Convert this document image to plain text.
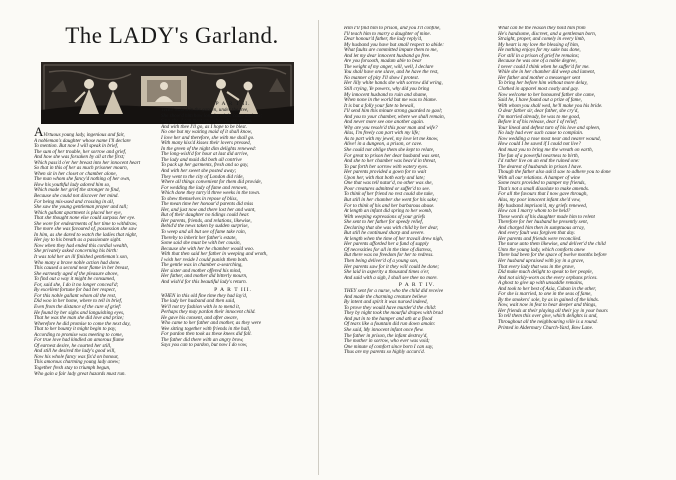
The LADY's Garland.

AVirtuous young lady, ingenious and fair,

A nobleman's daughter whose name I'll declare

To mention. But now I will speak in brief,

The sum of her trouble, her sorrow and grief,

And how she was forsaken by all at the first;

Which pass'd o'er her breast into her innocent heart

So that in this of her as much prisoner mourn,

When sit in her closet or chamber alone,

The man whom she fancy'd nothing of her own,

How his youthful lady adored him so,

Which made her grief the stronger to find,

Because she could not discover her mind.

For being mis-used and crossing in all,

She saw the young gentleman proper and tall;

Which gallant apartment is placed her eye,

That she thought none else could surpass her eye.

She wore for endearments of her time to withdraw,

The more she was favoured of, possession she saw

In him, as she dared to watch the ladies that night,

Her joy to his breath as a passionate sight.

Now when they had ended this cordial wealth,

She privately asked concerning his birth:

It was told her an ill finished gentleman's son,

Who many a brave noble action had done.

This caused a second near flame in her breast,

She earnestly aged of the pleasure above,

To find out a way it might be consumed,

For, said she, I do it no longer conceal'd;

By excellent fortune for bad her respect,

For this noble gallant whom all the rest,

Did woo in her home, where to tell in brief,

Even from the distance of the cure of grief:

He found by her sighs and languishing eyes,

That he was the man she did love and prize;

Wherefore he did promise to come the next day,

That to her bounty it might begin to pay,

According to promise was meeting to come,

For true love had kindled an amorous flame

Of earnest desire, he courted her still,

And still he desired the lady's good will,

Now his whole fancy was fix'd on honour,

This amorous charming young lady anew;

Together fresh stay to triumph begun,

Who gain a fair lady great hazards must run.

P A R T II.

THEY walk'd in the garden, under the tree,

She show'd him how long he might come and see;

Says she, I can meet you when all are at rest,

And with thee I'll go, as I hope to be blest.

No one but my waiting maid of it shall know,

I love her and therefore, she with me shall go.

With many kiss'd kisses their lovers pressed,

In the green of the night dim delights renewed:

The long-wish'd for hour at last did arrive,

The lady and maid did both all contrive

To pack up her garments, fresh and so gay,

And with her sweet she posted away;

They went to the city of London did ride,

Where all things convenient for them did provide,

For wedding the lady of fame and renown,

Which done they tarry'd three weeks in the town.

To shew themselves in repose of bliss,

The mean time her honour'd parents did miss

Her, and just now and there lost her and want,

But of their daughter no tidings could hear.

Her parents, friends, and relations, likewise,

Bebid'd the news taken by sudden surprise,

To weep and ail but see of fame take rain,

Thereby to inherit her father's estate,

Some said she must be with her cousin,

Because she with her he chamber would woo.

With that then said her father in weeping and wroth,

I wish her reside I could punish them both.

The gentle was in chamber a-searching,

Her sister and mother offered his mind,

Her father, and mother did bitterly mourn,

And wish'd for this beautiful lady's return.

P A R T III.

WHEN in this old fine time they had lay'd,

The lady her husband and then said,

We'll not try fashion with lo to mend it,

Perhaps they may pardon their innocent child.

He gave his consent, and after aware,

Who came to her father and mother, as they were

Wee sitting together with friends in the hall,

For pardon then took as these knees did fall.

The father did there with an angry brow,

Says you can to pardon, but now I do vow,

Him I'll find him to prison, and you I'll confine,

I'll teach him to marry a daughter of mine.

Dear honour'd father, the lady reply'd,

My husband you have but small respect to abide:

What faults are committed impute them to me,

And let my dear innocent husband go free.

Are you forsooth, madam able to bear

The weight of my anger, will, well, I declare

You shall have one slave, and he have the rest,

No manner of pity I'll show I protest.

Her lilly white hands she with sorrow did wring,

Still crying, Ye powers, why did you bring

My innocent husband to ruin and shame,

When none in the world but me was to blame.

It is but a folly your fate to bewail,

I'll send him this minute strong guarded to gaol;

And you to your chamber, where we shall remain,

And never more see one another again.

Why are you resolv'd this poor man and wife?

Alas, I'm freely can part with my life;

As to part with my jewel, my love let me know,

Alive! in a dungeon, a prison, or cave.

She could not oblige them she kept to relate,

For great to prison her dear husband was sent,

And she to her chamber was heav'd in threat,

To put forth her sorrow with watery eyes.

Her parents provided a gown for to wait

Upon her, with that both early and late;

One that was tell natur'd, no other was she,

Poor creatures admitted or suffer'd to see.

To think of her friend no rest could she take,

But still in her chamber she went for his sake;

For to think of his and her barbarous abuse.

At length an infant did spring to her womb,

With weeping expressions of your griefs

She sent to her father for speedy relief,

Declaring that she was with child by her dear,

But still he continued sharp and severe.

At length when the time of her travail drew nigh,

Her parents afforded her a fund of supply

Of necessities for all in the time of distress,

But there was no freedom for her to redress.

Then being deliver'd of a young son,

Her parents saw for it they will could be done;

She laid in asperity a thousand times o'er,

And said with a sigh, I shall see thee no more.

P A R T IV.

THEY sent for a nurse, who the child did receive

And made the charming creature believe

By intent and spirit it was nursed indeed,

To prove they would have murder'd the child:

They by night took the mourful drapes with brad

And put in to the hamper and ath at a flood

Of tears like a fountain did run down amain:

She said, My innocent infant once flew.

The father in prison, the infant destroy'd,

The mother in sorrow, who ever was void;

One minute of comfort since born I can say,

Thus are my parents so highly accurs'd.

What can be the reason they hold him from

He's handsome, discreet, and a gentleman born,

Straight, proper, and comely in every limb,

My heart is my love the blessing of him,

He nothing enjoys for my sake has done,

For still in a prison of grief he remains;

Because he was one of a noble degree,

I never could I think when he suffer'd for me.

While she in her chamber did weep and lament,

Her father and mother a messenger sent

To bring her before him without more delay,

Clothed in apparel most costly and gay.

Now welcome to her honoured father she came,

Said he, I have found out a prize of fame,

With whom you shall wed, he'll make you his bride.

O dear father sir, dear father, she cry'd,

I'm married already, he was to me good,

Before it of his release, dear I of relief;

Your lineal and deftest turn of his love and spleen,

No lady had ever such cause to complain.

Now wedding a rose most near and nearer wound,

How could I be saved if I could not live?

And must you to bring me the wreath on earth,

The fun of a powerful nearness to birth,

I'd rather live on an end the ruined one:

The dearest of husbands in prison I have.

Though the father also ask'd saw to adhere you to done

With all our relations. A hamper of wine

Some tears provided to pamper my friends,

That's not a small dissolute to make amends.

For all the favours that I now gave through,

Alas, my poor innocent infant she'd vow,

My husband imprison'd, my griefs renewed,

How can I marry whom to be held?

These words of his daughter made him to relent

Therefore for her husband he presently sent,

And charged him then in sumptuous array,

And every fault was forgiven that day.

Her parents and friends were reconciled.

The nurse unto them likewise, and deliver'd the child

Unto the young lady, which comforts anew

There had been for the space of twelve months before

Her husband upraised with joy in a grave,

That every lady that was in the grave,

Did make much delight to speak to her people,

And not sickly-worn as the every orphans prices.

A ghost to give up with unsaddle remains,

And took to her best of Asia, Cuban in the other,

For she is married, to one in the seas of fame,

By the smokers' sole, by as in gained of the kinds.

Now, wait now in fest to hear deeper and things,

Her friends at their playing all their joy in your hours

To tell them this over give, which delights is and,

Throughout all the neighbouring ville is a round.

Printed in Aldermary Church-Yard, Bow Lane.
